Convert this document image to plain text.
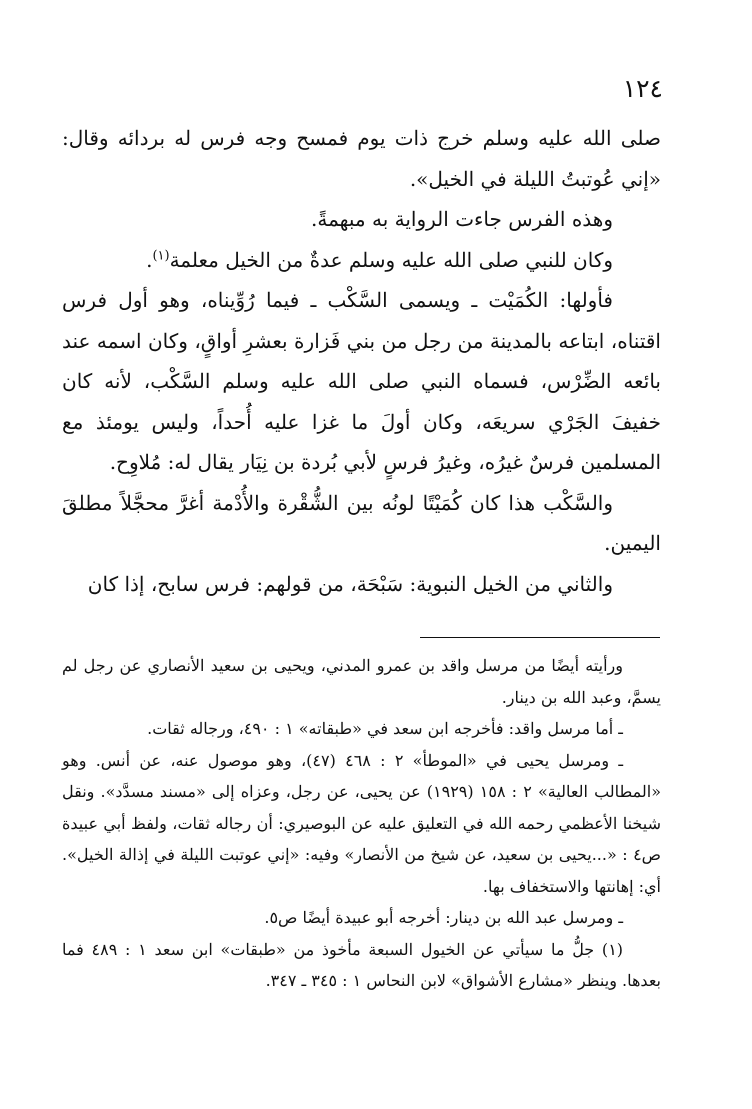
١٢٤

صلى الله عليه وسلم خرج ذات يوم فمسح وجه فرس له بردائه وقال: «إني عُوتبتُ الليلة في الخيل».

وهذه الفرس جاءت الرواية به مبهمةً.

وكان للنبي صلى الله عليه وسلم عدةٌ من الخيل معلمة$^{(١)}$.

فأولها: الكُمَيْت ـ ويسمى السَّكْب ـ فيما رُوِّيناه، وهو أول فرس اقتناه، ابتاعه بالمدينة من رجل من بني فَزارة بعشرِ أواقٍ، وكان اسمه عند بائعه الضِّرْس، فسماه النبي صلى الله عليه وسلم السَّكْب، لأنه كان خفيفَ الجَرْي سريعَه، وكان أولَ ما غزا عليه أُحداً، وليس يومئذ مع المسلمين فرسٌ غيرُه، وغيرُ فرسٍ لأبي بُردة بن نِيَار يقال له: مُلاوِح.

والسَّكْب هذا كان كُمَيْتًا لونُه بين الشُّقْرة والأُدْمة أغرَّ محجَّلاً مطلقَ اليمين.

والثاني من الخيل النبوية: سَبْحَة، من قولهم: فرس سابح، إذا كان

ورأيته أيضًا من مرسل واقد بن عمرو المدني، ويحيى بن سعيد الأنصاري عن رجل لم يسمَّ، وعبد الله بن دينار.

ـ أما مرسل واقد: فأخرجه ابن سعد في «طبقاته» ١ : ٤٩٠، ورجاله ثقات.

ـ ومرسل يحيى في «الموطأ» ٢ : ٤٦٨ (٤٧)، وهو موصول عنه، عن أنس. وهو «المطالب العالية» ٢ : ١٥٨ (١٩٢٩) عن يحيى، عن رجل، وعزاه إلى «مسند مسدَّد». ونقل شيخنا الأعظمي رحمه الله في التعليق عليه عن البوصيري: أن رجاله ثقات، ولفظ أبي عبيدة ص٤ : «...يحيى بن سعيد، عن شيخ من الأنصار» وفيه: «إني عوتبت الليلة في إذالة الخيل». أي: إهانتها والاستخفاف بها.

ـ ومرسل عبد الله بن دينار: أخرجه أبو عبيدة أيضًا ص٥.

(١) جلُّ ما سيأتي عن الخيول السبعة مأخوذ من «طبقات» ابن سعد ١ : ٤٨٩ فما بعدها. وينظر «مشارع الأشواق» لابن النحاس ١ : ٣٤٥ ـ ٣٤٧.
